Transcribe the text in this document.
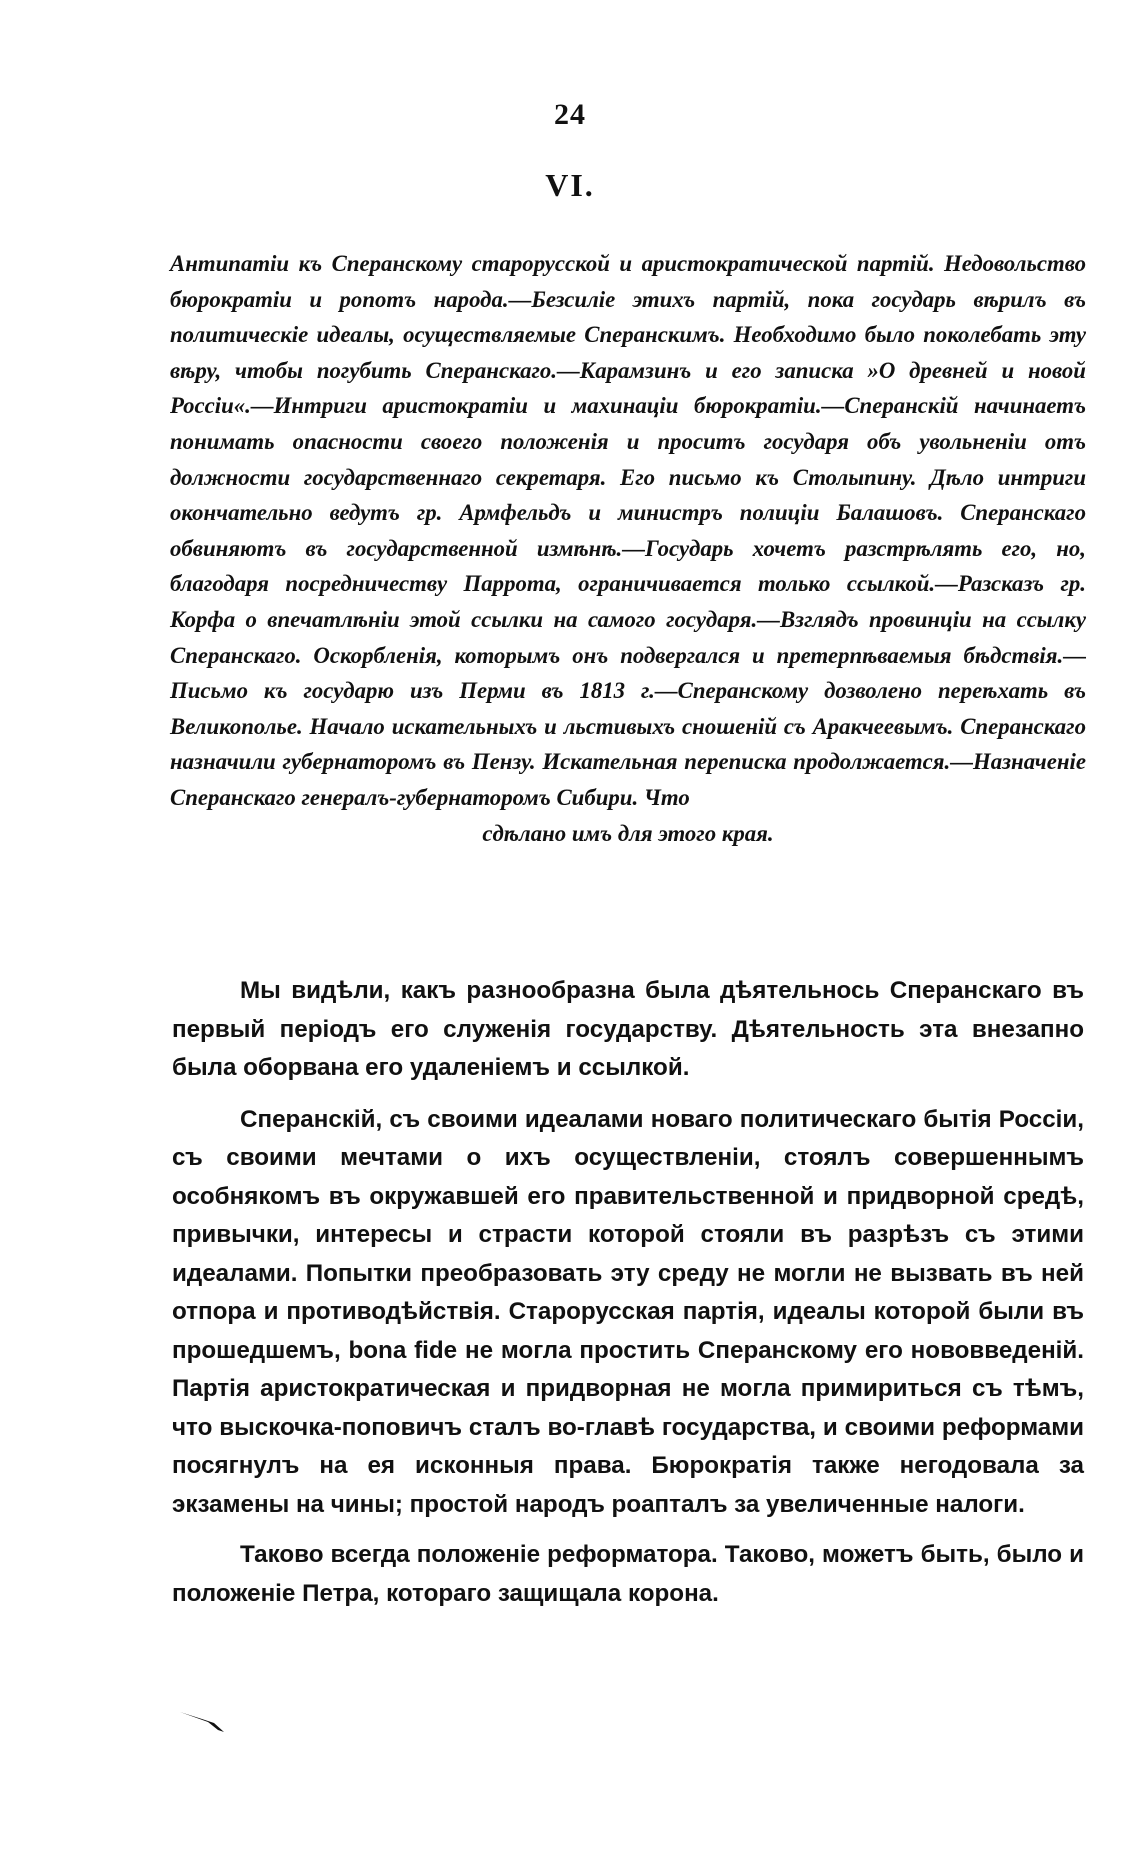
24
VI.

Антипатіи къ Сперанскому старорусской и аристократической партій. Недовольство бюрократіи и ропотъ народа.—Безсиліе этихъ партій, пока государь вѣрилъ въ политическіе идеалы, осуществляемые Сперанскимъ. Необходимо было поколебать эту вѣру, чтобы погубить Сперанскаго.—Карамзинъ и его записка »О древней и новой Россіи«.—Интриги аристократіи и махинаціи бюрократіи.—Сперанскій начинаетъ понимать опасности своего положенія и проситъ государя объ увольненіи отъ должности государственнаго секретаря. Его письмо къ Столыпину. Дѣло интриги окончательно ведутъ гр. Армфельдъ и министръ полиціи Балашовъ. Сперанскаго обвиняютъ въ государственной измѣнѣ.—Государь хочетъ разстрѣлять его, но, благодаря посредничеству Паррота, ограничивается только ссылкой.—Разсказъ гр. Корфа о впечатлѣніи этой ссылки на самого государя.—Взглядъ провинціи на ссылку Сперанскаго. Оскорбленія, которымъ онъ подвергался и претерпѣваемыя бѣдствія.—Письмо къ государю изъ Перми въ 1813 г.—Сперанскому дозволено переѣхать въ Великополье. Начало искательныхъ и льстивыхъ сношеній съ Аракчеевымъ. Сперанскаго назначили губернаторомъ въ Пензу. Искательная переписка продолжается.—Назначеніе Сперанскаго генералъ-губернаторомъ Сибири. Что
сдѣлано имъ для этого края.

Мы видѣли, какъ разнообразна была дѣятельнось Сперанскаго въ первый періодъ его служенія государству. Дѣятельность эта внезапно была оборвана его удаленіемъ и ссылкой.

Сперанскій, съ своими идеалами новаго политическаго бытія Россіи, съ своими мечтами о ихъ осуществленіи, стоялъ совершеннымъ особнякомъ въ окружавшей его правительственной и придворной средѣ, привычки, интересы и страсти которой стояли въ разрѣзъ съ этими идеалами. Попытки преобразовать эту среду не могли не вызвать въ ней отпора и противодѣйствія. Старорусская партія, идеалы которой были въ прошедшемъ, bona fide не могла простить Сперанскому его нововведеній. Партія аристократическая и придворная не могла примириться съ тѣмъ, что выскочка-поповичъ сталъ во-главѣ государства, и своими реформами посягнулъ на ея исконныя права. Бюрократія также негодовала за экзамены на чины; простой народъ роапталъ за увеличенные налоги.

Таково всегда положеніе реформатора. Таково, можетъ быть, было и положеніе Петра, котораго защищала корона.
